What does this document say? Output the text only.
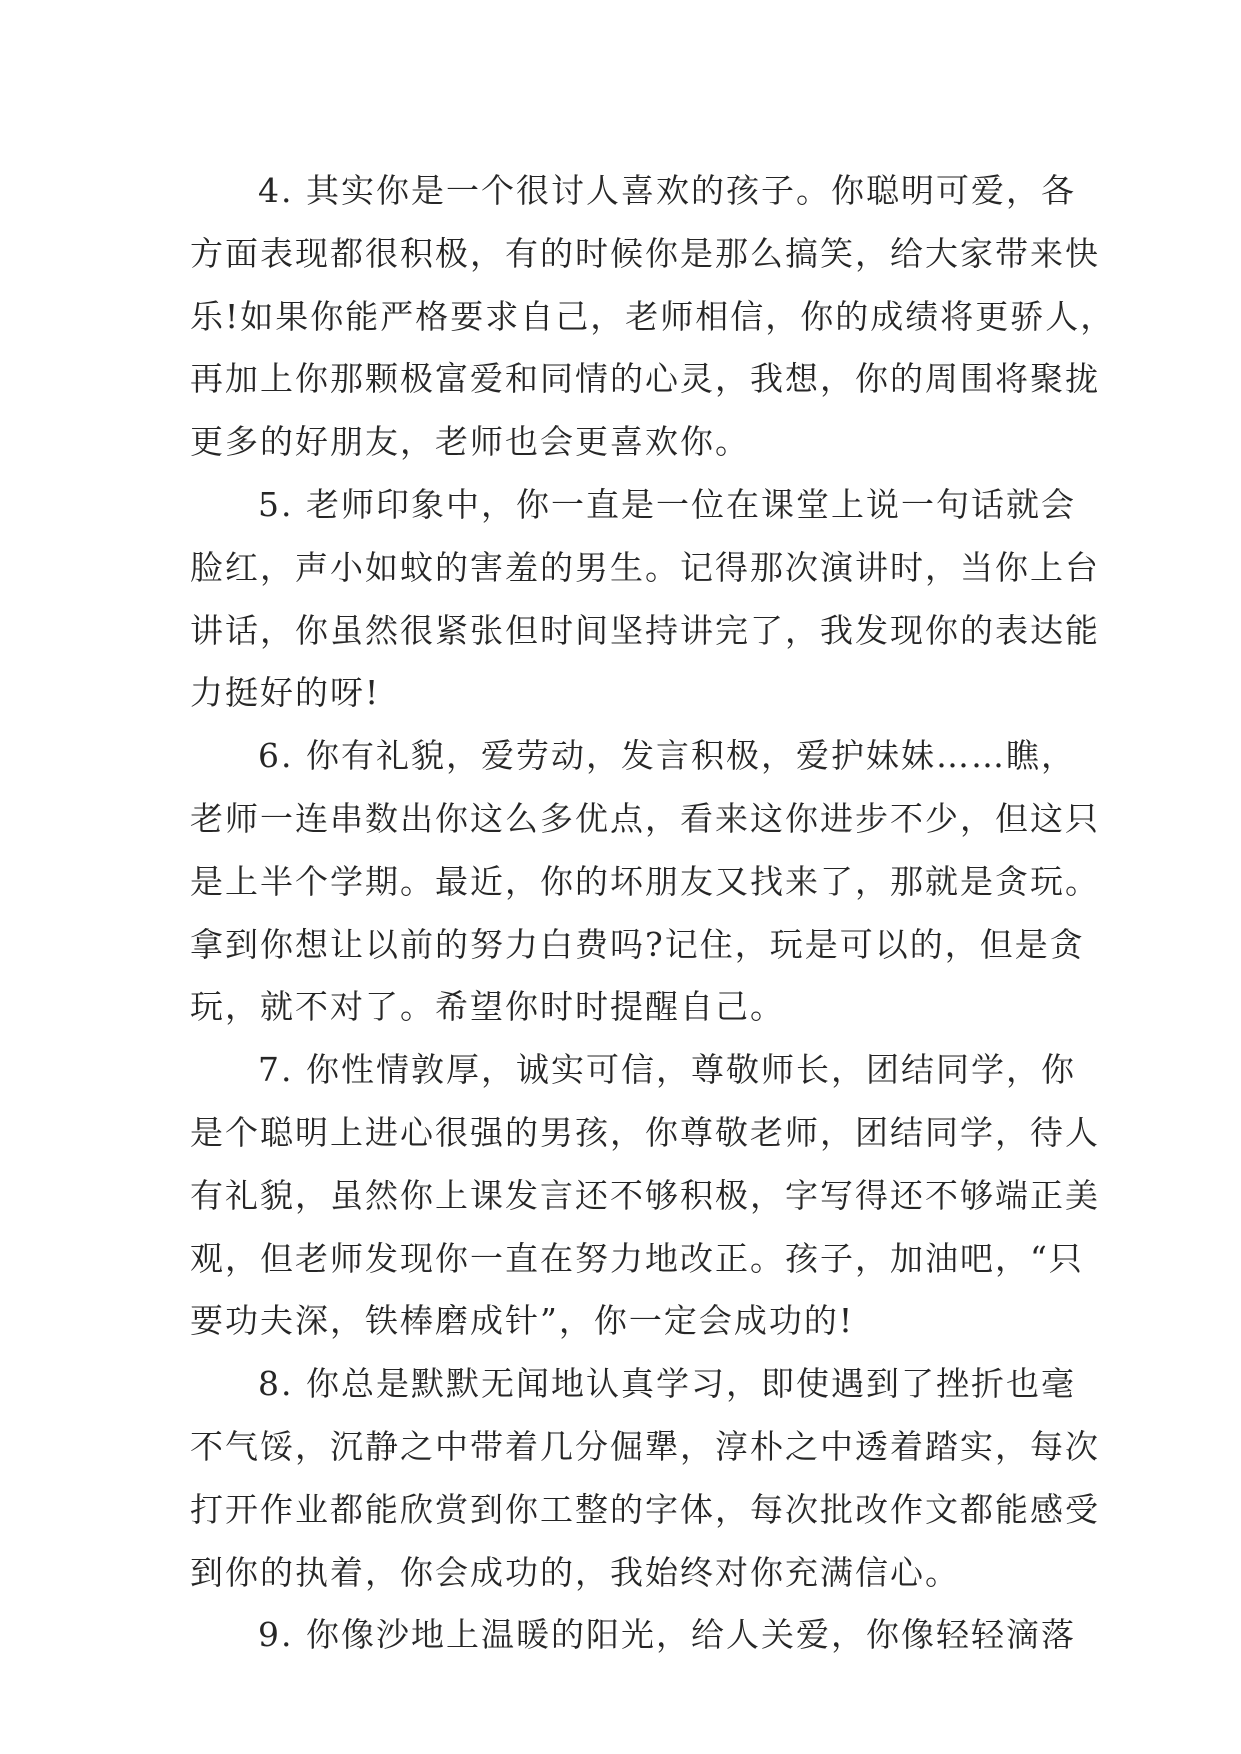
4. 其实你是一个很讨人喜欢的孩子。你聪明可爱，各
方面表现都很积极，有的时候你是那么搞笑，给大家带来快
乐!如果你能严格要求自己，老师相信，你的成绩将更骄人，
再加上你那颗极富爱和同情的心灵，我想，你的周围将聚拢
更多的好朋友，老师也会更喜欢你。

5. 老师印象中，你一直是一位在课堂上说一句话就会
脸红，声小如蚊的害羞的男生。记得那次演讲时，当你上台
讲话，你虽然很紧张但时间坚持讲完了，我发现你的表达能
力挺好的呀!

6. 你有礼貌，爱劳动，发言积极，爱护妹妹……瞧，
老师一连串数出你这么多优点，看来这你进步不少，但这只
是上半个学期。最近，你的坏朋友又找来了，那就是贪玩。
拿到你想让以前的努力白费吗?记住，玩是可以的，但是贪
玩，就不对了。希望你时时提醒自己。

7. 你性情敦厚，诚实可信，尊敬师长，团结同学，你
是个聪明上进心很强的男孩，你尊敬老师，团结同学，待人
有礼貌，虽然你上课发言还不够积极，字写得还不够端正美
观，但老师发现你一直在努力地改正。孩子，加油吧，“只
要功夫深，铁棒磨成针”，你一定会成功的!

8. 你总是默默无闻地认真学习，即使遇到了挫折也毫
不气馁，沉静之中带着几分倔犟，淳朴之中透着踏实，每次
打开作业都能欣赏到你工整的字体，每次批改作文都能感受
到你的执着，你会成功的，我始终对你充满信心。

9. 你像沙地上温暖的阳光，给人关爱，你像轻轻滴落
